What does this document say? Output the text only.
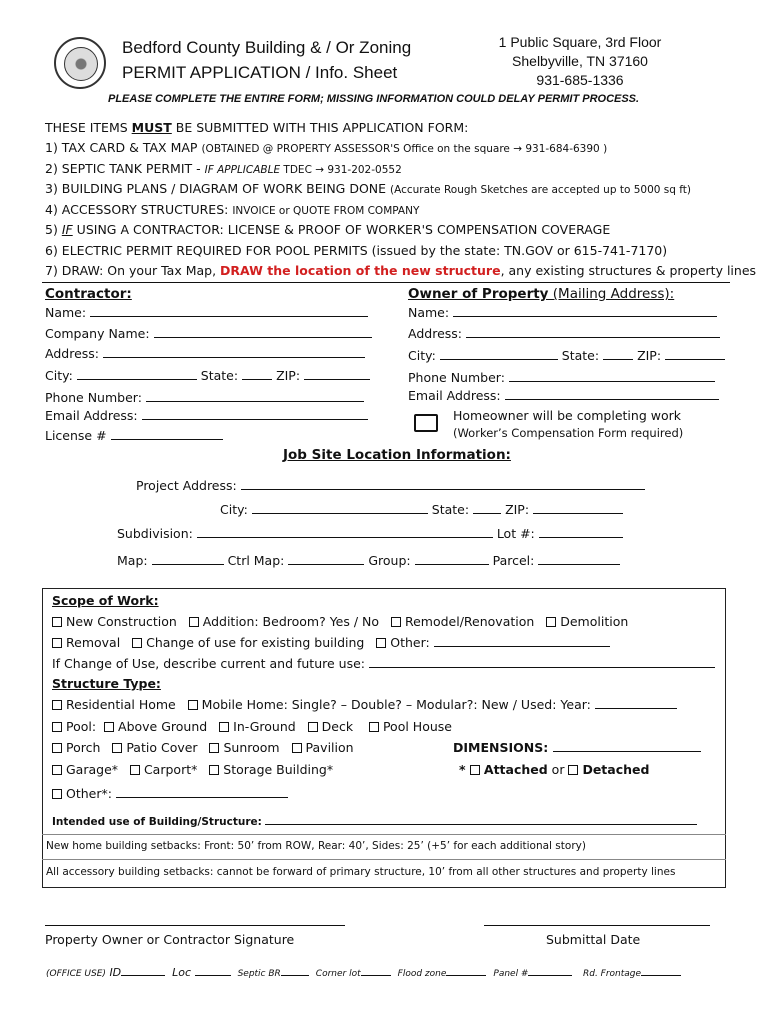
Bedford County Building & / Or Zoning
PERMIT APPLICATION / Info. Sheet
1 Public Square, 3rd Floor
Shelbyville, TN 37160
931-685-1336
PLEASE COMPLETE THE ENTIRE FORM; MISSING INFORMATION COULD DELAY PERMIT PROCESS.
THESE ITEMS MUST BE SUBMITTED WITH THIS APPLICATION FORM:
1) TAX CARD & TAX MAP (OBTAINED @ PROPERTY ASSESSOR'S Office on the square → 931-684-6390 )
2) SEPTIC TANK PERMIT - IF APPLICABLE TDEC → 931-202-0552
3) BUILDING PLANS / DIAGRAM OF WORK BEING DONE (Accurate Rough Sketches are accepted up to 5000 sq ft)
4) ACCESSORY STRUCTURES: INVOICE or QUOTE FROM COMPANY
5) IF USING A CONTRACTOR: LICENSE & PROOF OF WORKER'S COMPENSATION COVERAGE
6) ELECTRIC PERMIT REQUIRED FOR POOL PERMITS (issued by the state: TN.GOV or 615-741-7170)
7) DRAW: On your Tax Map, DRAW the location of the new structure, any existing structures & property lines
Contractor:
Name:
Company Name:
Address:
City:	State:	ZIP:
Phone Number:
Email Address:
License #
Owner of Property (Mailing Address):
Name:
Address:
City:	State:	ZIP:
Phone Number:
Email Address:
Homeowner will be completing work
(Worker’s Compensation Form required)
Job Site Location Information:
Project Address:
City:	State:	ZIP:
Subdivision:	Lot #:
Map:	Ctrl Map:	Group:	Parcel:
Scope of Work:
New Construction Addition: Bedroom? Yes / No Remodel/Renovation Demolition
Removal Change of use for existing building Other:
If Change of Use, describe current and future use:
Structure Type:
Residential Home Mobile Home: Single? – Double? – Modular?: New / Used: Year:
Pool: Above Ground In-Ground Deck Pool House
Porch Patio Cover Sunroom Pavilion	DIMENSIONS:
Garage* Carport* Storage Building*	* Attached or Detached
Other*:
Intended use of Building/Structure:
New home building setbacks: Front: 50’ from ROW, Rear: 40’, Sides: 25’ (+5’ for each additional story)
All accessory building setbacks: cannot be forward of primary structure, 10’ from all other structures and property lines
Property Owner or Contractor Signature	Submittal Date
(OFFICE USE) ID	Loc	Septic BR	Corner lot	Flood zone	Panel #	Rd. Frontage
